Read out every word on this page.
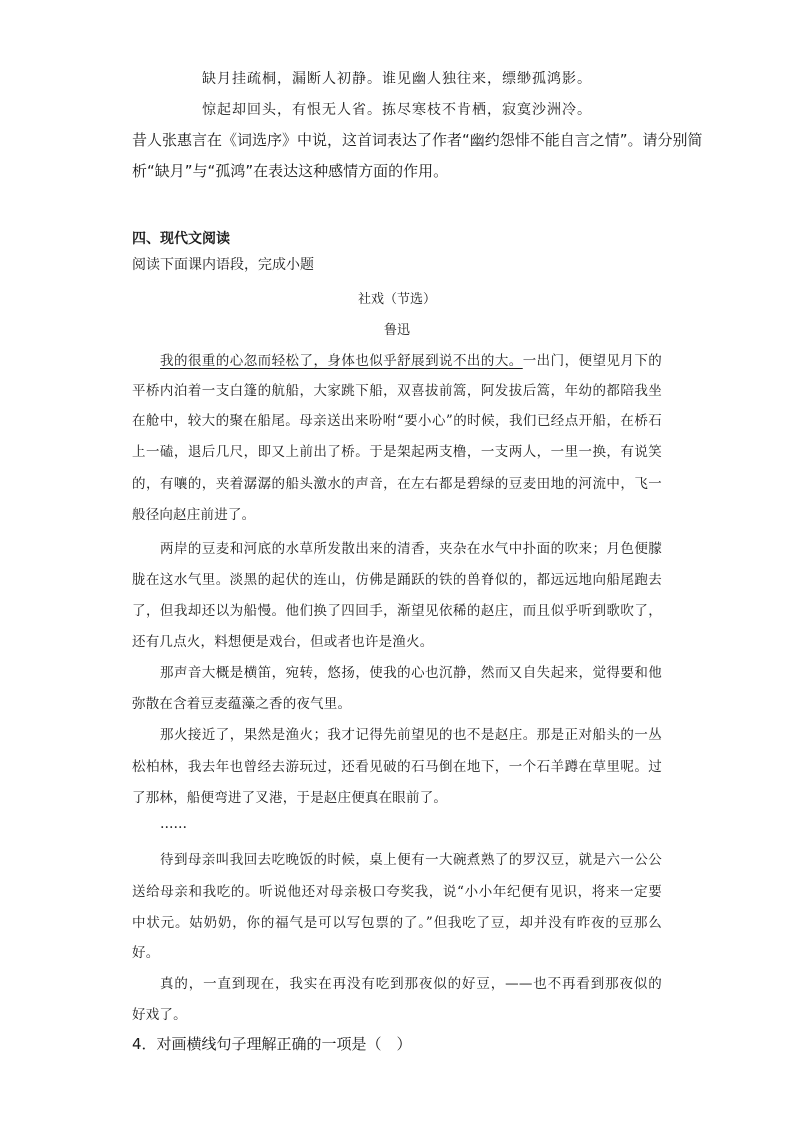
缺月挂疏桐，漏断人初静。谁见幽人独往来，缥缈孤鸿影。
惊起却回头，有恨无人省。拣尽寒枝不肯栖，寂寞沙洲冷。
昔人张惠言在《词选序》中说，这首词表达了作者“幽约怨悱不能自言之情”。请分别简
析“缺月”与“孤鸿”在表达这种感情方面的作用。
四、现代文阅读
阅读下面课内语段，完成小题
社戏（节选）
鲁迅
我的很重的心忽而轻松了，身体也似乎舒展到说不出的大。一出门，便望见月下的
平桥内泊着一支白篷的航船，大家跳下船，双喜拔前篙，阿发拔后篙，年幼的都陪我坐
在舱中，较大的聚在船尾。母亲送出来吩咐“要小心”的时候，我们已经点开船，在桥石
上一磕，退后几尺，即又上前出了桥。于是架起两支橹，一支两人，一里一换，有说笑
的，有嚷的，夹着潺潺的船头激水的声音，在左右都是碧绿的豆麦田地的河流中，飞一
般径向赵庄前进了。
两岸的豆麦和河底的水草所发散出来的清香，夹杂在水气中扑面的吹来；月色便朦
胧在这水气里。淡黑的起伏的连山，仿佛是踊跃的铁的兽脊似的，都远远地向船尾跑去
了，但我却还以为船慢。他们换了四回手，渐望见依稀的赵庄，而且似乎听到歌吹了，
还有几点火，料想便是戏台，但或者也许是渔火。
那声音大概是横笛，宛转，悠扬，使我的心也沉静，然而又自失起来，觉得要和他
弥散在含着豆麦蕴藻之香的夜气里。
那火接近了，果然是渔火；我才记得先前望见的也不是赵庄。那是正对船头的一丛
松柏林，我去年也曾经去游玩过，还看见破的石马倒在地下，一个石羊蹲在草里呢。过
了那林，船便弯进了叉港，于是赵庄便真在眼前了。
……
待到母亲叫我回去吃晚饭的时候，桌上便有一大碗煮熟了的罗汉豆，就是六一公公
送给母亲和我吃的。听说他还对母亲极口夸奖我，说“小小年纪便有见识，将来一定要
中状元。姑奶奶，你的福气是可以写包票的了。”但我吃了豆，却并没有昨夜的豆那么
好。
真的，一直到现在，我实在再没有吃到那夜似的好豆，——也不再看到那夜似的
好戏了。
4．对画横线句子理解正确的一项是（　）
